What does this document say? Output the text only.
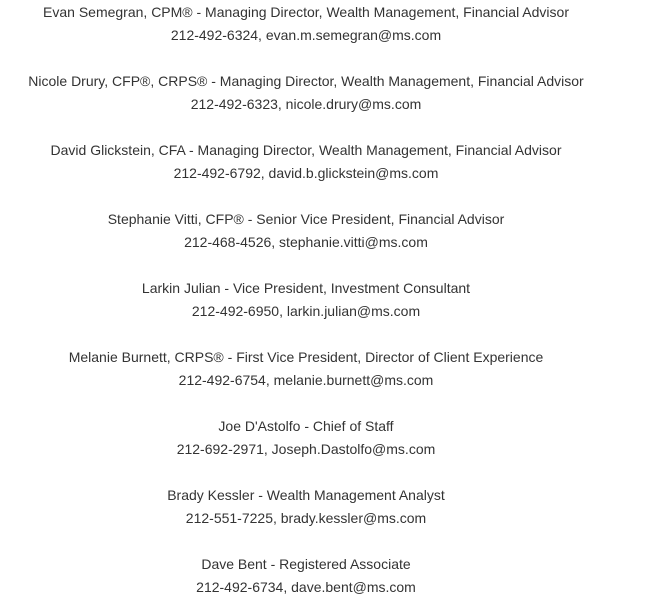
Evan Semegran, CPM® - Managing Director, Wealth Management, Financial Advisor

212-492-6324, evan.m.semegran@ms.com

Nicole Drury, CFP®, CRPS® - Managing Director, Wealth Management, Financial Advisor

212-492-6323, nicole.drury@ms.com

David Glickstein, CFA - Managing Director, Wealth Management, Financial Advisor

212-492-6792, david.b.glickstein@ms.com

Stephanie Vitti, CFP® - Senior Vice President, Financial Advisor

212-468-4526, stephanie.vitti@ms.com

Larkin Julian - Vice President, Investment Consultant

212-492-6950, larkin.julian@ms.com

Melanie Burnett, CRPS® - First Vice President, Director of Client Experience

212-492-6754, melanie.burnett@ms.com

Joe D'Astolfo - Chief of Staff

212-692-2971, Joseph.Dastolfo@ms.com

Brady Kessler - Wealth Management Analyst

212-551-7225, brady.kessler@ms.com

Dave Bent - Registered Associate

212-492-6734, dave.bent@ms.com
